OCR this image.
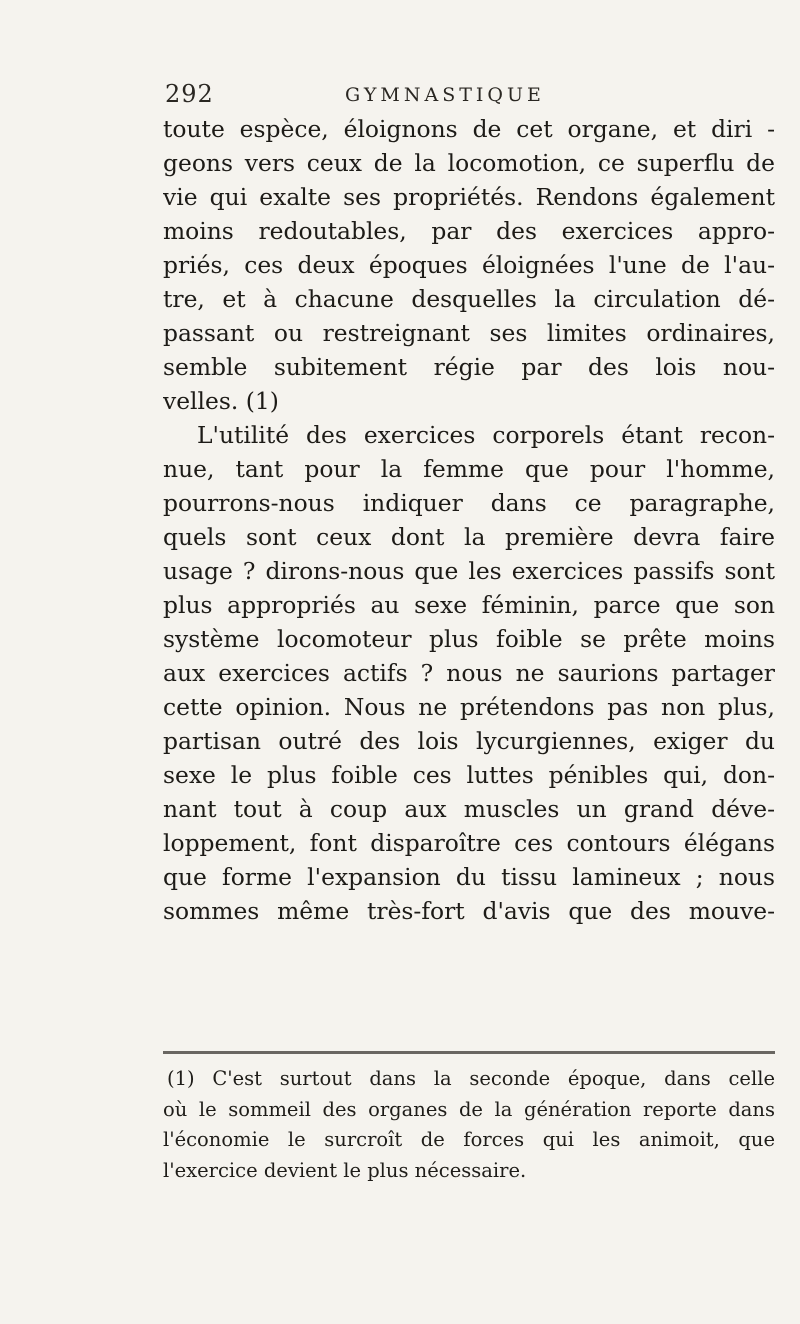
292	GYMNASTIQUE
toute espèce, éloignons de cet organe, et diri -
geons vers ceux de la locomotion, ce superflu de
vie qui exalte ses propriétés. Rendons également
moins redoutables, par des exercices appro-
priés, ces deux époques éloignées l'une de l'au-
tre, et à chacune desquelles la circulation dé-
passant ou restreignant ses limites ordinaires,
semble subitement régie par des lois nou-
velles. (1)
L'utilité des exercices corporels étant recon-
nue, tant pour la femme que pour l'homme,
pourrons-nous indiquer dans ce paragraphe,
quels sont ceux dont la première devra faire
usage ? dirons-nous que les exercices passifs sont
plus appropriés au sexe féminin, parce que son
système locomoteur plus foible se prête moins
aux exercices actifs ? nous ne saurions partager
cette opinion. Nous ne prétendons pas non plus,
partisan outré des lois lycurgiennes, exiger du
sexe le plus foible ces luttes pénibles qui, don-
nant tout à coup aux muscles un grand déve-
loppement, font disparoître ces contours élégans
que forme l'expansion du tissu lamineux ; nous
sommes même très-fort d'avis que des mouve-
(1) C'est surtout dans la seconde époque, dans celle
où le sommeil des organes de la génération reporte dans
l'économie le surcroît de forces qui les animoit, que
l'exercice devient le plus nécessaire.
